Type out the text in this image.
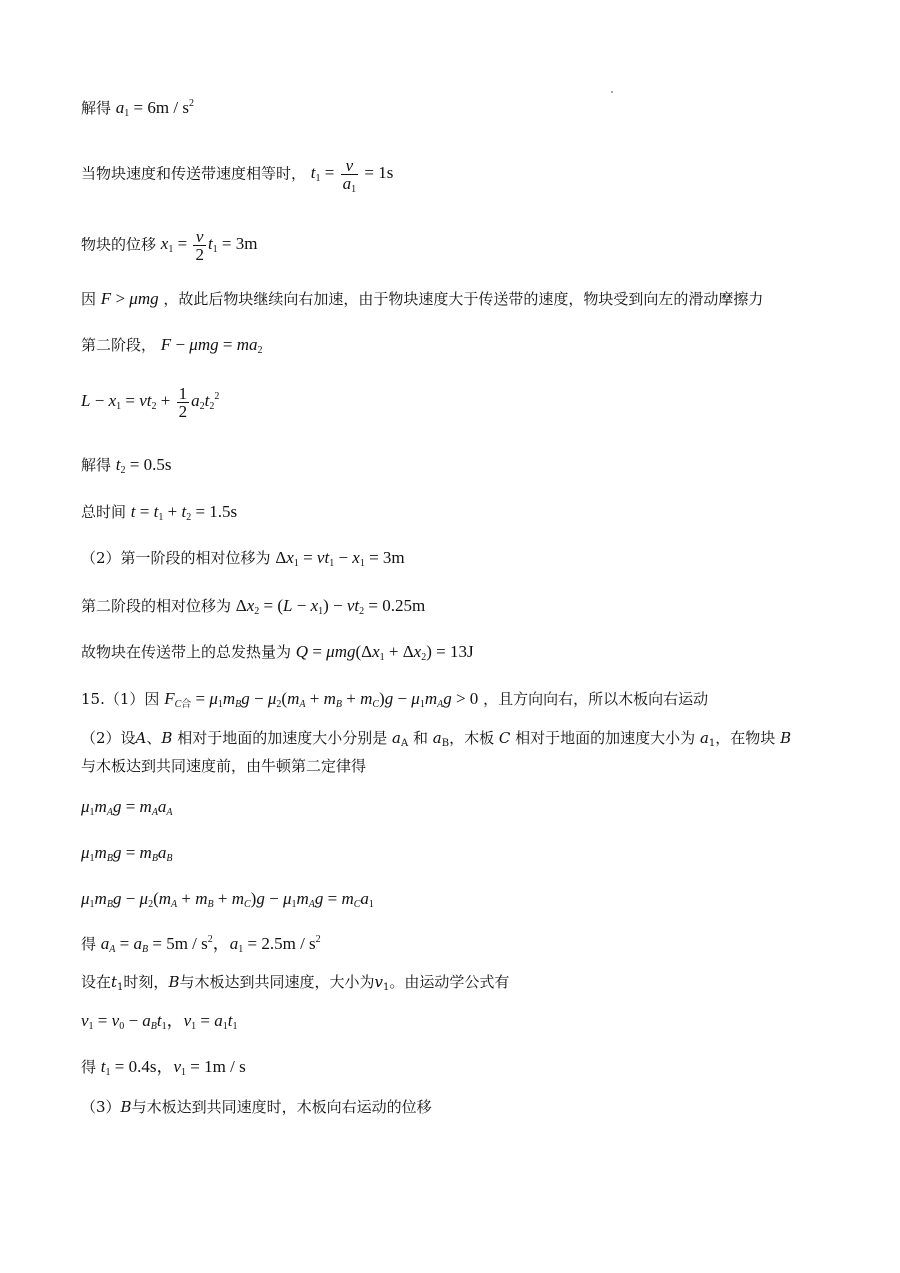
解得 $a_1 = 6m / s^2$
当物块速度和传送带速度相等时， $t_1 = \frac{v}{a_1} = 1s$
物块的位移 $x_1 = \frac{v}{2} t_1 = 3m$
因 F > μmg ，故此后物块继续向右加速，由于物块速度大于传送带的速度，物块受到向左的滑动摩擦力
第二阶段， $F - \mu mg = ma_2$
$L - x_1 = vt_2 + \frac{1}{2} a_2t_2^2$
解得 $t_2 = 0.5s$
总时间 $t = t_1 + t_2 = 1.5s$
（2）第一阶段的相对位移为 $\Delta x_1 = vt_1 - x_1 = 3m$
第二阶段的相对位移为 $\Delta x_2 = (L - x_1) - vt_2 = 0.25m$
故物块在传送带上的总发热量为 $Q = \mu mg(\Delta x_1 + \Delta x_2) = 13J$
15.（1）因 $F_{C合} = \mu_1m_Bg - \mu_2(m_A + m_B + m_C)g - \mu_1m_Ag > 0$ ，且方向向右，所以木板向右运动
（2）设A、B 相对于地面的加速度大小分别是 $a_A$ 和 $a_B$，木板 C 相对于地面的加速度大小为 $a_1$，在物块 B
与木板达到共同速度前，由牛顿第二定律得
$\mu_1m_Ag = m_Aa_A$
$\mu_1m_Bg = m_Ba_B$
$\mu_1m_Bg - \mu_2(m_A + m_B + m_C)g - \mu_1m_Ag = m_Ca_1$
得 $a_A = a_B = 5m / s^2$，$a_1 = 2.5m / s^2$
设在$t_1$时刻，B与木板达到共同速度，大小为$v_1$。由运动学公式有
$v_1 = v_0 - a_Bt_1$，$v_1 = a_1t_1$
得 $t_1 = 0.4s$，$v_1 = 1m / s$
（3）B与木板达到共同速度时，木板向右运动的位移
